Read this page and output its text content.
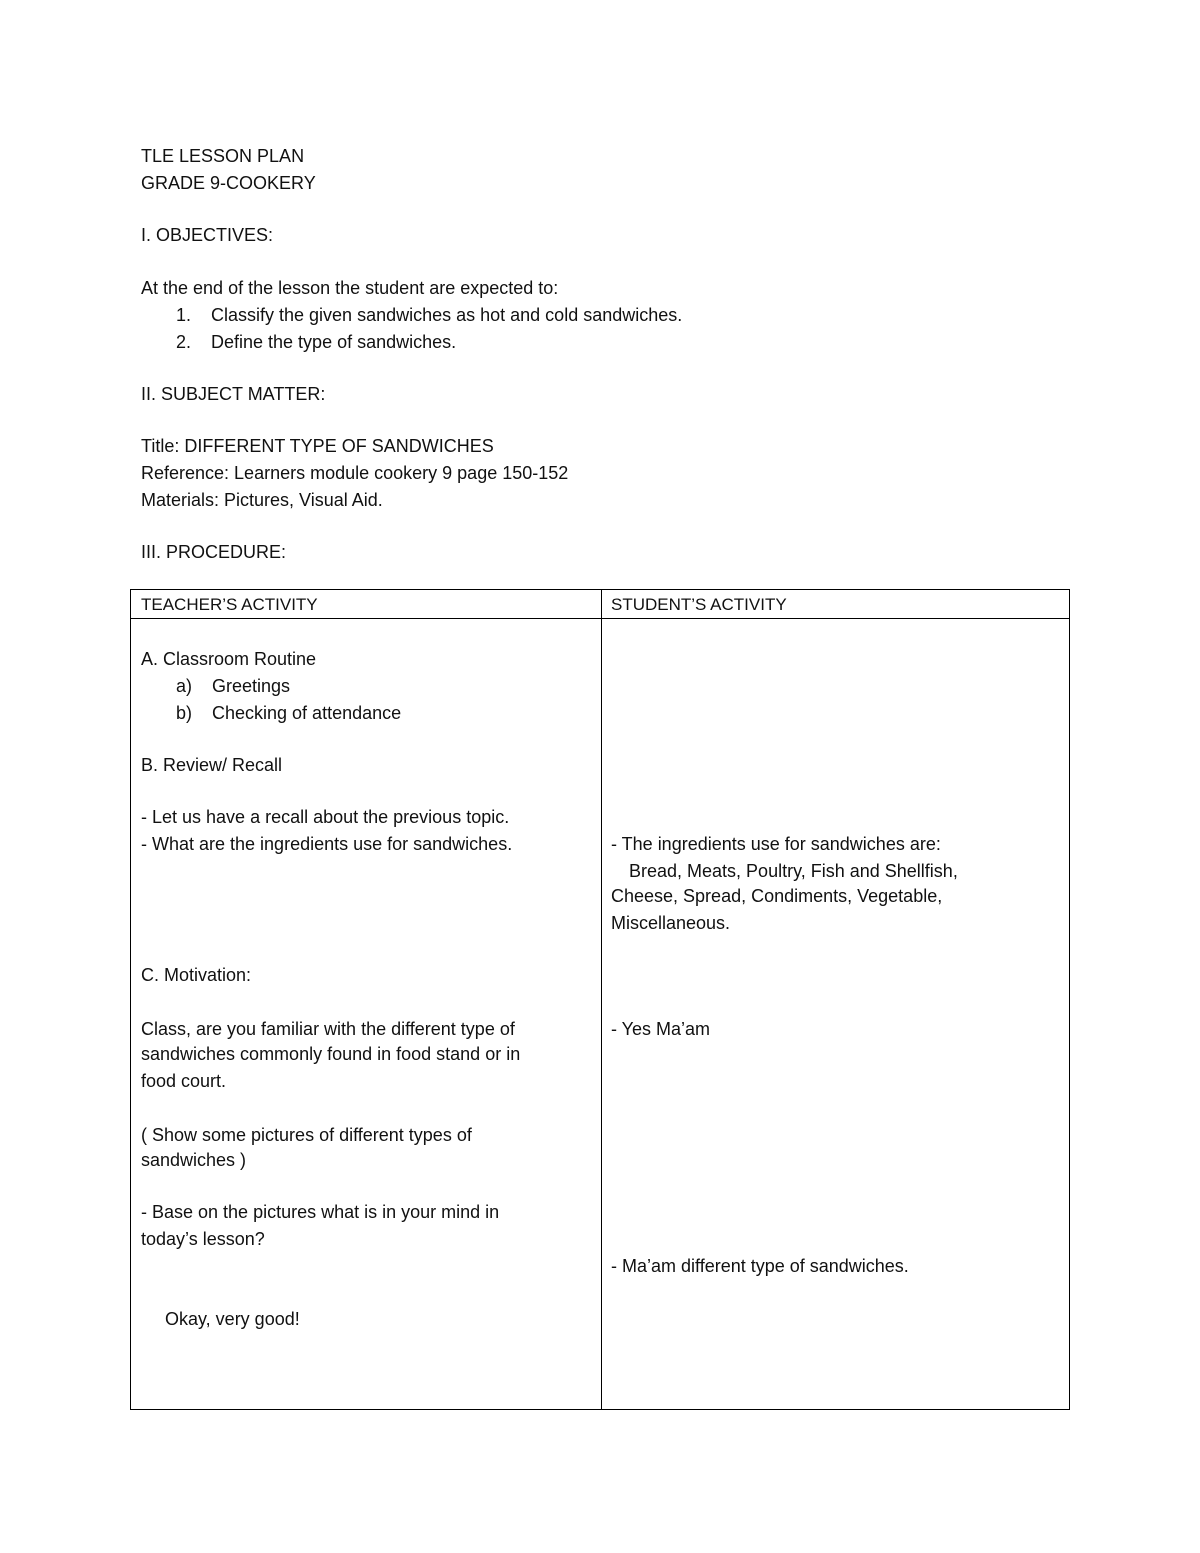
TLE LESSON PLAN
GRADE 9-COOKERY
I. OBJECTIVES:
At the end of the lesson the student are expected to:
1. Classify the given sandwiches as hot and cold sandwiches.
2. Define the type of sandwiches.
II. SUBJECT MATTER:
Title: DIFFERENT TYPE OF SANDWICHES
Reference: Learners module cookery 9 page 150-152
Materials: Pictures, Visual Aid.
III. PROCEDURE:
TEACHER’S ACTIVITY	STUDENT’S ACTIVITY
A. Classroom Routine
a) Greetings
b) Checking of attendance
B. Review/ Recall
- Let us have a recall about the previous topic.
- What are the ingredients use for sandwiches.	- The ingredients use for sandwiches are:
Bread, Meats, Poultry, Fish and Shellfish,
Cheese, Spread, Condiments, Vegetable,
Miscellaneous.
C. Motivation:
Class, are you familiar with the different type of
sandwiches commonly found in food stand or in
food court.
- Yes Ma’am
( Show some pictures of different types of
sandwiches )
- Base on the pictures what is in your mind in
today’s lesson?
- Ma’am different type of sandwiches.
Okay, very good!
